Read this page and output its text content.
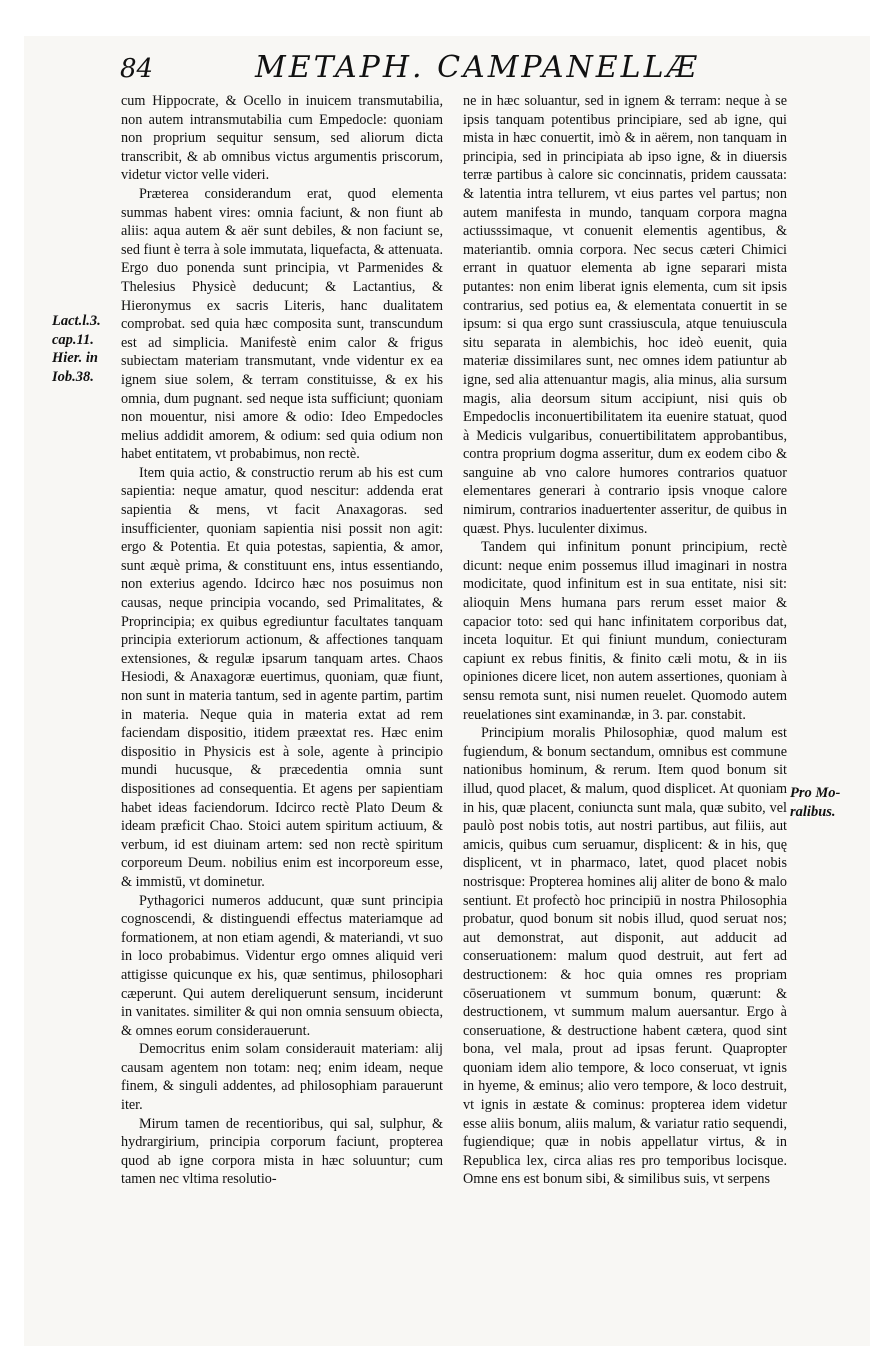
84	METAPH. CAMPANELLÆ
Lact.l.3.
cap.11.
Hier. in
Iob.38.
Pro Mo-
ralibus.

cum Hippocrate, & Ocello in inuicem transmutabilia, non autem intransmutabilia cum Empedocle: quoniam non proprium sequitur sensum, sed aliorum dicta transcribit, & ab omnibus victus argumentis priscorum, videtur victor velle videri.

Præterea considerandum erat, quod elementa summas habent vires: omnia faciunt, & non fiunt ab aliis: aqua autem & aër sunt debiles, & non faciunt se, sed fiunt è terra à sole immutata, liquefacta, & attenuata. Ergo duo ponenda sunt principia, vt Parmenides & Thelesius Physicè deducunt; & Lactantius, & Hieronymus ex sacris Literis, hanc dualitatem comprobat. sed quia hæc composita sunt, transcundum est ad simplicia. Manifestè enim calor & frigus subiectam materiam transmutant, vnde videntur ex ea ignem siue solem, & terram constituisse, & ex his omnia, dum pugnant. sed neque ista sufficiunt; quoniam non mouentur, nisi amore & odio: Ideo Empedocles melius addidit amorem, & odium: sed quia odium non habet entitatem, vt probabimus, non rectè.

Item quia actio, & constructio rerum ab his est cum sapientia: neque amatur, quod nescitur: addenda erat sapientia & mens, vt facit Anaxagoras. sed insufficienter, quoniam sapientia nisi possit non agit: ergo & Potentia. Et quia potestas, sapientia, & amor, sunt æquè prima, & constituunt ens, intus essentiando, non exterius agendo. Idcirco hæc nos posuimus non causas, neque principia vocando, sed Primalitates, & Proprincipia; ex quibus egrediuntur facultates tanquam principia exteriorum actionum, & affectiones tanquam extensiones, & regulæ ipsarum tanquam artes. Chaos Hesiodi, & Anaxagoræ euertimus, quoniam, quæ fiunt, non sunt in materia tantum, sed in agente partim, partim in materia. Neque quia in materia extat ad rem faciendam dispositio, itidem præextat res. Hæc enim dispositio in Physicis est à sole, agente à principio mundi hucusque, & præcedentia omnia sunt dispositiones ad consequentia. Et agens per sapientiam habet ideas faciendorum. Idcirco rectè Plato Deum & ideam præficit Chao. Stoici autem spiritum actiuum, & verbum, id est diuinam artem: sed non rectè spiritum corporeum Deum. nobilius enim est incorporeum esse, & immistū, vt dominetur.

Pythagorici numeros adducunt, quæ sunt principia cognoscendi, & distinguendi effectus materiamque ad formationem, at non etiam agendi, & materiandi, vt suo in loco probabimus. Videntur ergo omnes aliquid veri attigisse quicunque ex his, quæ sentimus, philosophari cæperunt. Qui autem dereliquerunt sensum, inciderunt in vanitates. similiter & qui non omnia sensuum obiecta, & omnes eorum considerauerunt.

Democritus enim solam considerauit materiam: alij causam agentem non totam: neq; enim ideam, neque finem, & singuli addentes, ad philosophiam parauerunt iter.

Mirum tamen de recentioribus, qui sal, sulphur, & hydrargirium, principia corporum faciunt, propterea quod ab igne corpora mista in hæc soluuntur; cum tamen nec vltima resolutio-

ne in hæc soluantur, sed in ignem & terram: neque à se ipsis tanquam potentibus principiare, sed ab igne, qui mista in hæc conuertit, imò & in aërem, non tanquam in principia, sed in principiata ab ipso igne, & in diuersis terræ partibus à calore sic concinnatis, pridem caussata: & latentia intra tellurem, vt eius partes vel partus; non autem manifesta in mundo, tanquam corpora magna actiusssimaque, vt conuenit elementis agentibus, & materiantib. omnia corpora. Nec secus cæteri Chimici errant in quatuor elementa ab igne separari mista putantes: non enim liberat ignis elementa, cum sit ipsis contrarius, sed potius ea, & elementata conuertit in se ipsum: si qua ergo sunt crassiuscula, atque tenuiuscula situ separata in alembichis, hoc ideò euenit, quia materiæ dissimilares sunt, nec omnes idem patiuntur ab igne, sed alia attenuantur magis, alia minus, alia sursum magis, alia deorsum situm accipiunt, nisi quis ob Empedoclis inconuertibilitatem ita euenire statuat, quod à Medicis vulgaribus, conuertibilitatem approbantibus, contra proprium dogma asseritur, dum ex eodem cibo & sanguine ab vno calore humores contrarios quatuor elementares generari à contrario ipsis vnoque calore nimirum, contrarios inaduertenter asseritur, de quibus in quæst. Phys. luculenter diximus.

Tandem qui infinitum ponunt principium, rectè dicunt: neque enim possemus illud imaginari in nostra modicitate, quod infinitum est in sua entitate, nisi sit: alioquin Mens humana pars rerum esset maior & capacior toto: sed qui hanc infinitatem corporibus dat, inceta loquitur. Et qui finiunt mundum, coniecturam capiunt ex rebus finitis, & finito cæli motu, & in iis opiniones dicere licet, non autem assertiones, quoniam à sensu remota sunt, nisi numen reuelet. Quomodo autem reuelationes sint examinandæ, in 3. par. constabit.

Principium moralis Philosophiæ, quod malum est fugiendum, & bonum sectandum, omnibus est commune nationibus hominum, & rerum. Item quod bonum sit illud, quod placet, & malum, quod displicet. At quoniam in his, quæ placent, coniuncta sunt mala, quæ subito, vel paulò post nobis totis, aut nostri partibus, aut filiis, aut amicis, quibus cum seruamur, displicent: & in his, quę displicent, vt in pharmaco, latet, quod placet nobis nostrisque: Propterea homines alij aliter de bono & malo sentiunt. Et profectò hoc principiū in nostra Philosophia probatur, quod bonum sit nobis illud, quod seruat nos; aut demonstrat, aut disponit, aut adducit ad conseruationem: malum quod destruit, aut fert ad destructionem: & hoc quia omnes res propriam cōseruationem vt summum bonum, quærunt: & destructionem, vt summum malum auersantur. Ergo à conseruatione, & destructione habent cætera, quod sint bona, vel mala, prout ad ipsas ferunt. Quapropter quoniam idem alio tempore, & loco conseruat, vt ignis in hyeme, & eminus; alio vero tempore, & loco destruit, vt ignis in æstate & cominus: propterea idem videtur esse aliis bonum, aliis malum, & variatur ratio sequendi, fugiendique; quæ in nobis appellatur virtus, & in Republica lex, circa alias res pro temporibus locisque. Omne ens est bonum sibi, & similibus suis, vt serpens
